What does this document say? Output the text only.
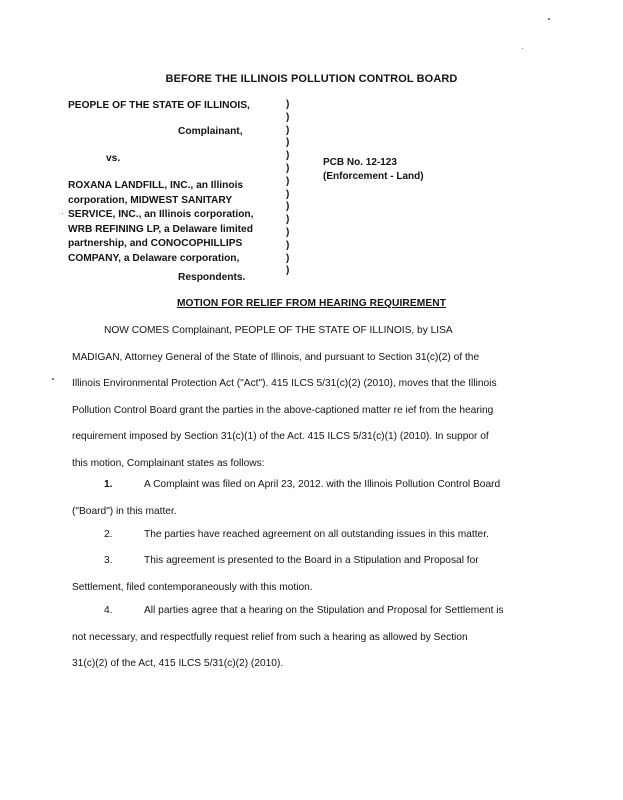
BEFORE THE ILLINOIS POLLUTION CONTROL BOARD
PEOPLE OF THE STATE OF ILLINOIS,
Complainant,
vs.
ROXANA LANDFILL, INC., an Illinois
corporation, MIDWEST SANITARY
SERVICE, INC., an Illinois corporation,
WRB REFINING LP, a Delaware limited
partnership, and CONOCOPHILLIPS
COMPANY, a Delaware corporation,
Respondents.
)
)
)
)
)
)
)
)
)
)
)
)
)
)
PCB No. 12-123
(Enforcement - Land)
MOTION FOR RELIEF FROM HEARING REQUIREMENT
NOW COMES Complainant, PEOPLE OF THE STATE OF ILLINOIS, by LISA
MADIGAN, Attorney General of the State of Illinois, and pursuant to Section 31(c)(2) of the
Illinois Environmental Protection Act ("Act"). 415 ILCS 5/31(c)(2) (2010), moves that the Illinois
Pollution Control Board grant the parties in the above-captioned matter re ief from the hearing
requirement imposed by Section 31(c)(1) of the Act. 415 ILCS 5/31(c)(1) (2010). In suppor of
this motion, Complainant states as follows:
1.	A Complaint was filed on April 23, 2012. with the Illinois Pollution Control Board
("Board") in this matter.
2.	The parties have reached agreement on all outstanding issues in this matter.
3.	This agreement is presented to the Board in a Stipulation and Proposal for
Settlement, filed contemporaneously with this motion.
4.	All parties agree that a hearing on the Stipulation and Proposal for Settlement is
not necessary, and respectfully request relief from such a hearing as allowed by Section
31(c)(2) of the Act, 415 ILCS 5/31(c)(2) (2010).
